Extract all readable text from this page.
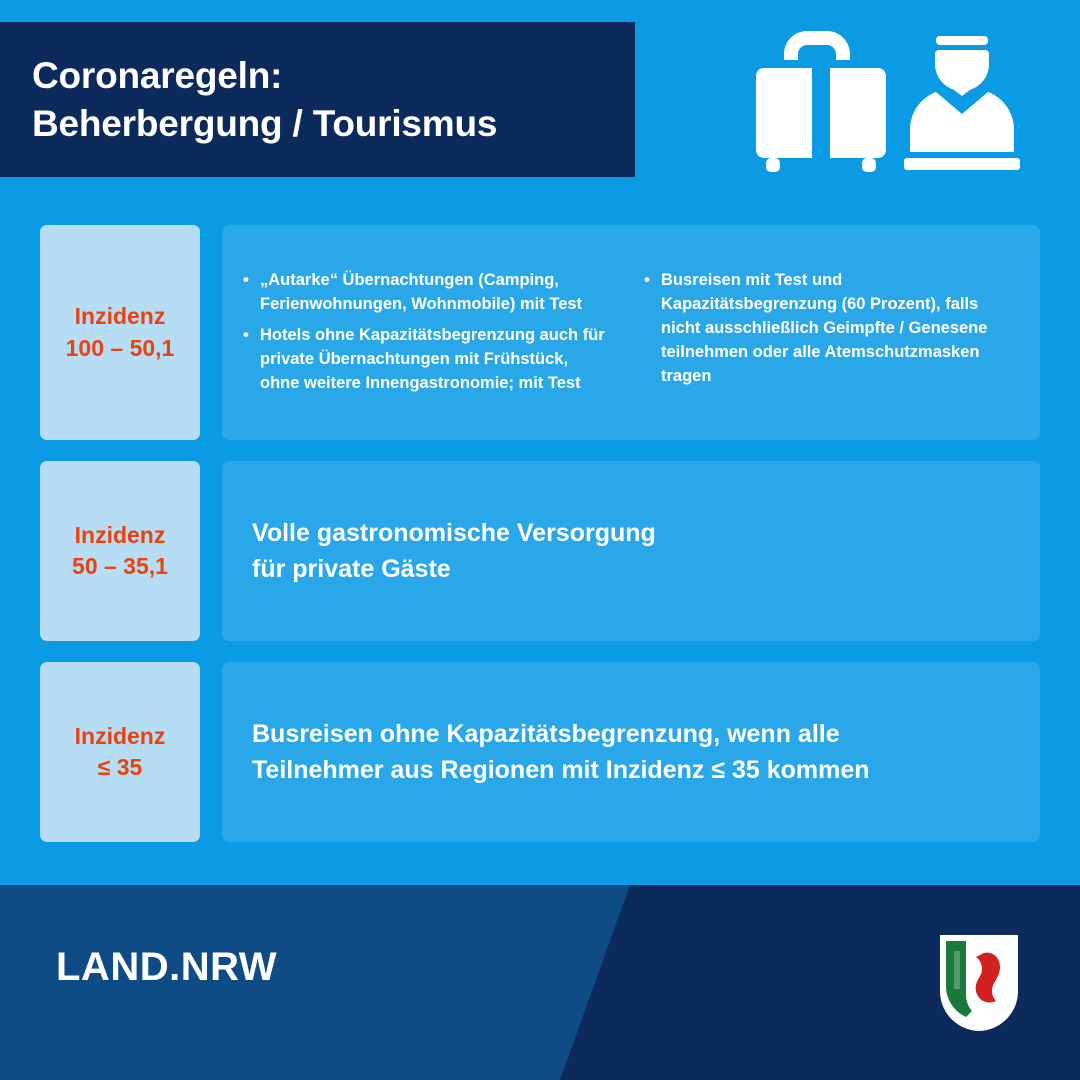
Coronaregeln:
Beherbergung / Tourismus
Inzidenz
100 – 50,1
• „Autarke“ Übernachtungen (Camping, Ferienwohnungen, Wohnmobile) mit Test
• Hotels ohne Kapazitätsbegrenzung auch für private Übernachtungen mit Frühstück, ohne weitere Innengastronomie; mit Test
• Busreisen mit Test und Kapazitätsbegrenzung (60 Prozent), falls nicht ausschließlich Geimpfte / Genesene teilnehmen oder alle Atemschutzmasken tragen
Inzidenz
50 – 35,1
Volle gastronomische Versorgung
für private Gäste
Inzidenz
≤ 35
Busreisen ohne Kapazitätsbegrenzung, wenn alle
Teilnehmer aus Regionen mit Inzidenz ≤ 35 kommen
LAND.NRW
